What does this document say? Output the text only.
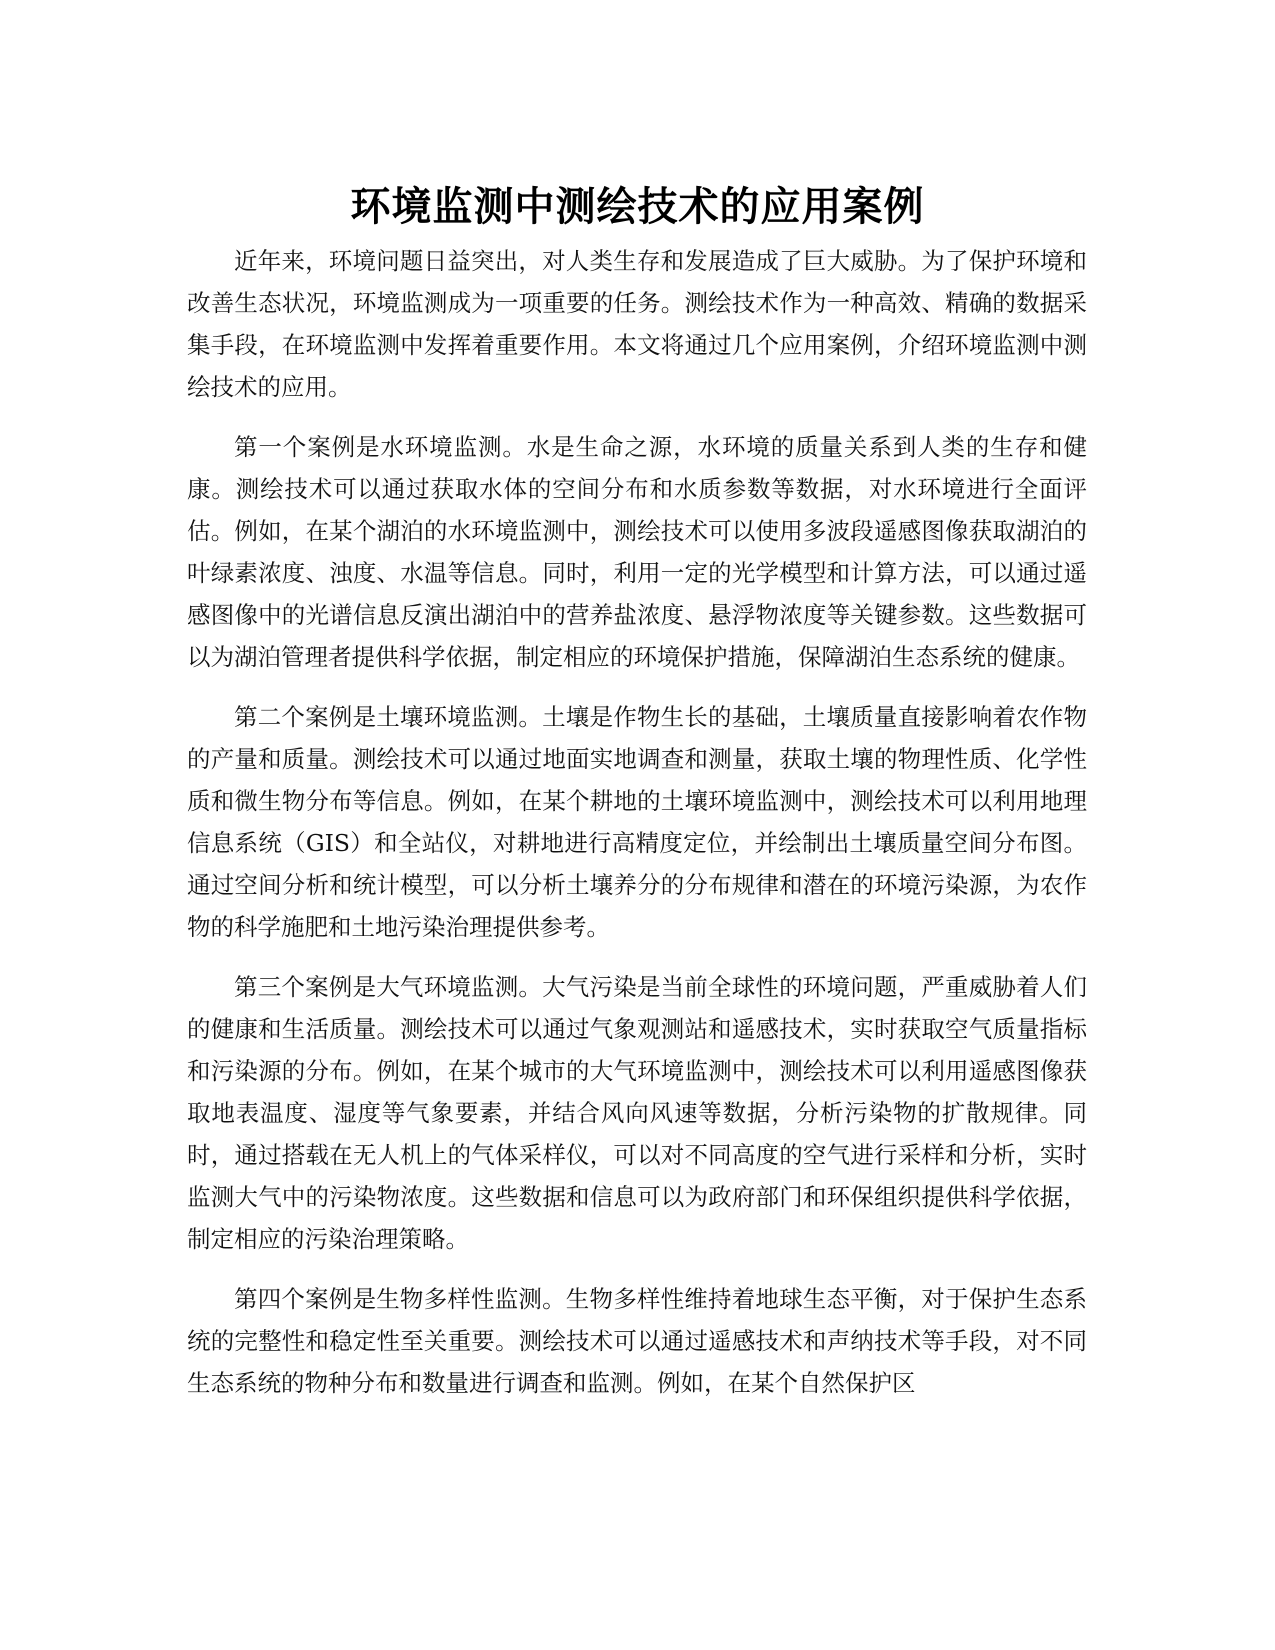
环境监测中测绘技术的应用案例

近年来，环境问题日益突出，对人类生存和发展造成了巨大威胁。为了保护环境和改善生态状况，环境监测成为一项重要的任务。测绘技术作为一种高效、精确的数据采集手段，在环境监测中发挥着重要作用。本文将通过几个应用案例，介绍环境监测中测绘技术的应用。

第一个案例是水环境监测。水是生命之源，水环境的质量关系到人类的生存和健康。测绘技术可以通过获取水体的空间分布和水质参数等数据，对水环境进行全面评估。例如，在某个湖泊的水环境监测中，测绘技术可以使用多波段遥感图像获取湖泊的叶绿素浓度、浊度、水温等信息。同时，利用一定的光学模型和计算方法，可以通过遥感图像中的光谱信息反演出湖泊中的营养盐浓度、悬浮物浓度等关键参数。这些数据可以为湖泊管理者提供科学依据，制定相应的环境保护措施，保障湖泊生态系统的健康。

第二个案例是土壤环境监测。土壤是作物生长的基础，土壤质量直接影响着农作物的产量和质量。测绘技术可以通过地面实地调查和测量，获取土壤的物理性质、化学性质和微生物分布等信息。例如，在某个耕地的土壤环境监测中，测绘技术可以利用地理信息系统（GIS）和全站仪，对耕地进行高精度定位，并绘制出土壤质量空间分布图。通过空间分析和统计模型，可以分析土壤养分的分布规律和潜在的环境污染源，为农作物的科学施肥和土地污染治理提供参考。

第三个案例是大气环境监测。大气污染是当前全球性的环境问题，严重威胁着人们的健康和生活质量。测绘技术可以通过气象观测站和遥感技术，实时获取空气质量指标和污染源的分布。例如，在某个城市的大气环境监测中，测绘技术可以利用遥感图像获取地表温度、湿度等气象要素，并结合风向风速等数据，分析污染物的扩散规律。同时，通过搭载在无人机上的气体采样仪，可以对不同高度的空气进行采样和分析，实时监测大气中的污染物浓度。这些数据和信息可以为政府部门和环保组织提供科学依据，制定相应的污染治理策略。

第四个案例是生物多样性监测。生物多样性维持着地球生态平衡，对于保护生态系统的完整性和稳定性至关重要。测绘技术可以通过遥感技术和声纳技术等手段，对不同生态系统的物种分布和数量进行调查和监测。例如，在某个自然保护区
